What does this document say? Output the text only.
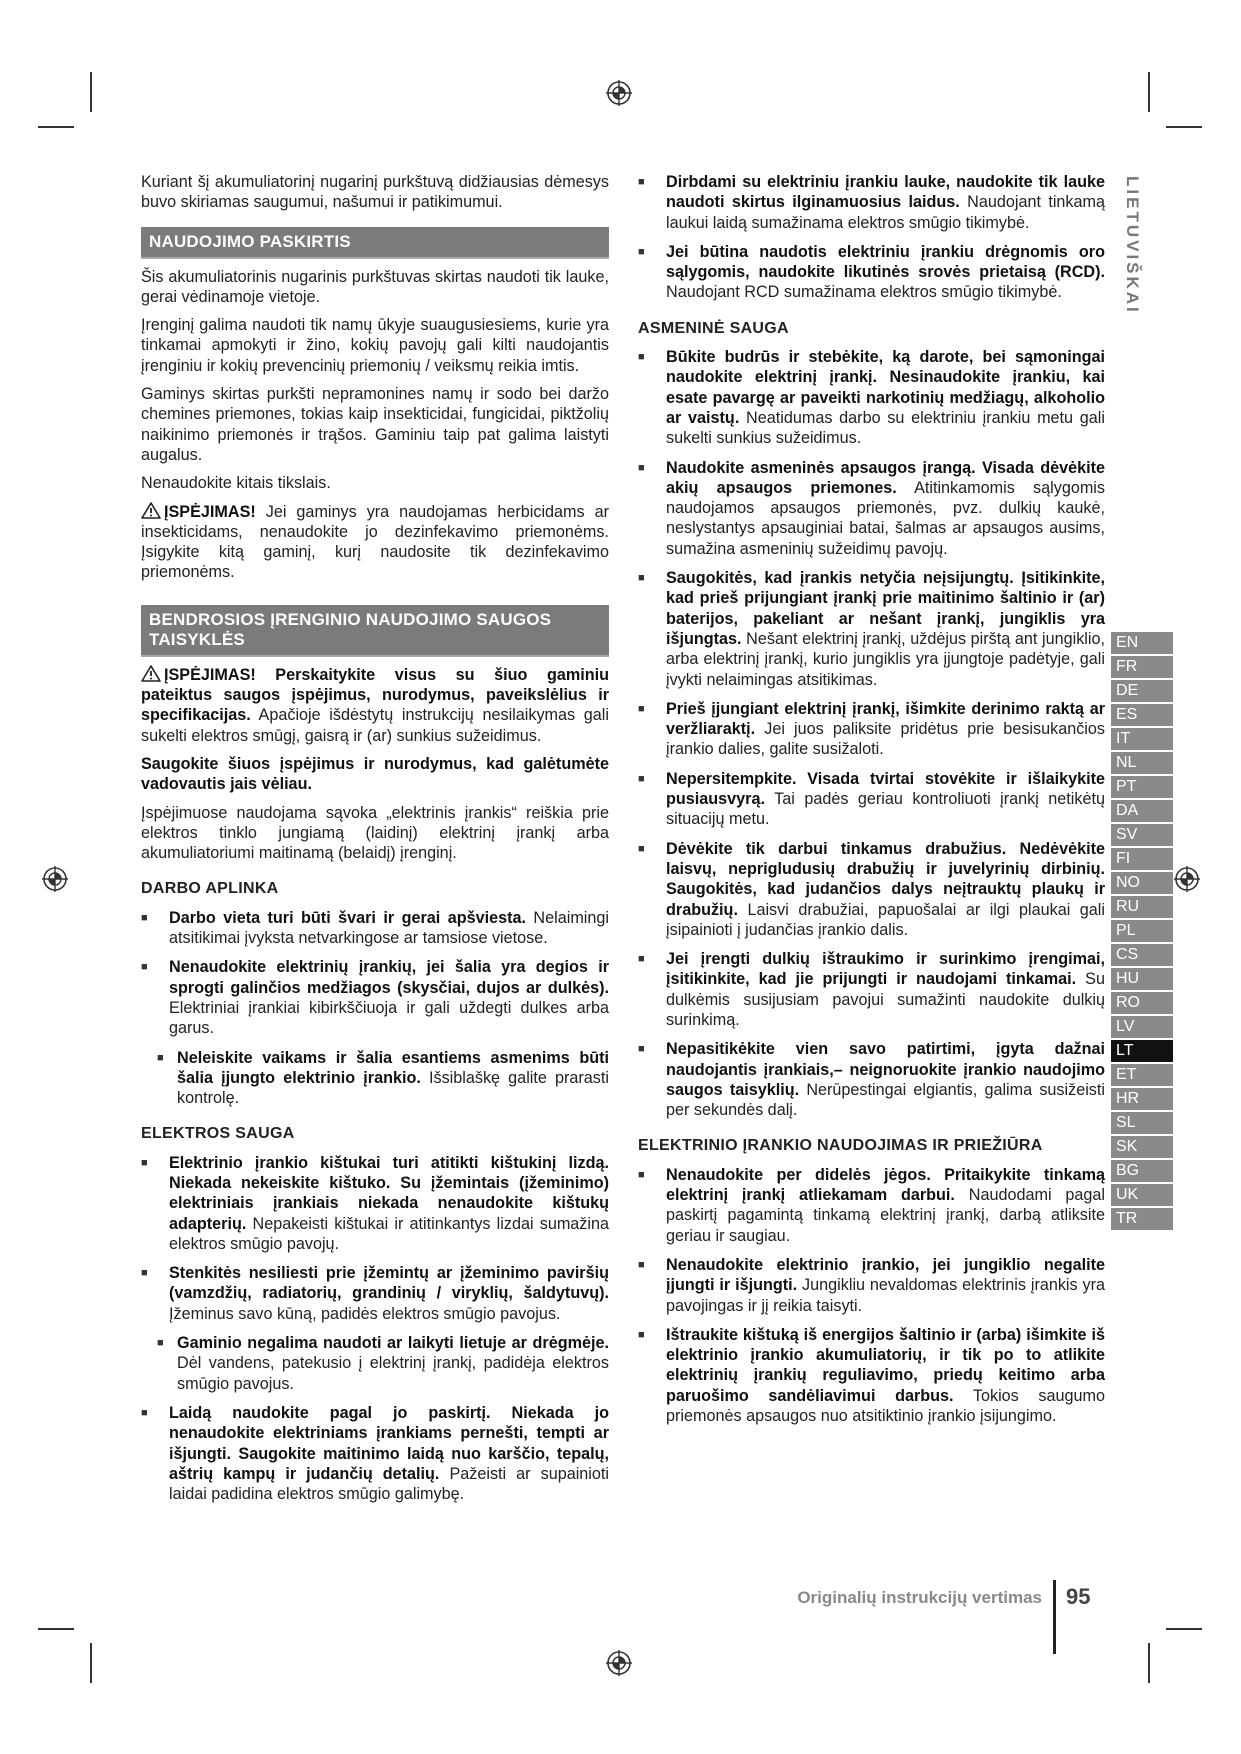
Kuriant šį akumuliatorinį nugarinį purkštuvą didžiausias dėmesys buvo skiriamas saugumui, našumui ir patikimumui.

NAUDOJIMO PASKIRTIS

Šis akumuliatorinis nugarinis purkštuvas skirtas naudoti tik lauke, gerai vėdinamoje vietoje.

Įrenginį galima naudoti tik namų ūkyje suaugusiesiems, kurie yra tinkamai apmokyti ir žino, kokių pavojų gali kilti naudojantis įrenginiu ir kokių prevencinių priemonių / veiksmų reikia imtis.

Gaminys skirtas purkšti nepramonines namų ir sodo bei daržo chemines priemones, tokias kaip insekticidai, fungicidai, piktžolių naikinimo priemonės ir trąšos. Gaminiu taip pat galima laistyti augalus.

Nenaudokite kitais tikslais.

ĮSPĖJIMAS! Jei gaminys yra naudojamas herbicidams ar insekticidams, nenaudokite jo dezinfekavimo priemonėms. Įsigykite kitą gaminį, kurį naudosite tik dezinfekavimo priemonėms.

BENDROSIOS ĮRENGINIO NAUDOJIMO SAUGOS TAISYKLĖS

ĮSPĖJIMAS! Perskaitykite visus su šiuo gaminiu pateiktus saugos įspėjimus, nurodymus, paveikslėlius ir specifikacijas. Apačioje išdėstytų instrukcijų nesilaikymas gali sukelti elektros smūgį, gaisrą ir (ar) sunkius sužeidimus.

Saugokite šiuos įspėjimus ir nurodymus, kad galėtumėte vadovautis jais vėliau.

Įspėjimuose naudojama sąvoka „elektrinis įrankis“ reiškia prie elektros tinklo jungiamą (laidinį) elektrinį įrankį arba akumuliatoriumi maitinamą (belaidį) įrenginį.

DARBO APLINKA
■ Darbo vieta turi būti švari ir gerai apšviesta. Nelaimingi atsitikimai įvyksta netvarkingose ar tamsiose vietose.
■ Nenaudokite elektrinių įrankių, jei šalia yra degios ir sprogti galinčios medžiagos (skysčiai, dujos ar dulkės). Elektriniai įrankiai kibirkščiuoja ir gali uždegti dulkes arba garus.
■ Neleiskite vaikams ir šalia esantiems asmenims būti šalia įjungto elektrinio įrankio. Išsiblaškę galite prarasti kontrolę.
ELEKTROS SAUGA
■ Elektrinio įrankio kištukai turi atitikti kištukinį lizdą. Niekada nekeiskite kištuko. Su įžemintais (įžeminimo) elektriniais įrankiais niekada nenaudokite kištukų adapterių. Nepakeisti kištukai ir atitinkantys lizdai sumažina elektros smūgio pavojų.
■ Stenkitės nesiliesti prie įžemintų ar įžeminimo paviršių (vamzdžių, radiatorių, grandinių / viryklių, šaldytuvų). Įžeminus savo kūną, padidės elektros smūgio pavojus.
■ Gaminio negalima naudoti ar laikyti lietuje ar drėgmėje. Dėl vandens, patekusio į elektrinį įrankį, padidėja elektros smūgio pavojus.
■ Laidą naudokite pagal jo paskirtį. Niekada jo nenaudokite elektriniams įrankiams pernešti, tempti ar išjungti. Saugokite maitinimo laidą nuo karščio, tepalų, aštrių kampų ir judančių detalių. Pažeisti ar supainioti laidai padidina elektros smūgio galimybę.
■ Dirbdami su elektriniu įrankiu lauke, naudokite tik lauke naudoti skirtus ilginamuosius laidus. Naudojant tinkamą laukui laidą sumažinama elektros smūgio tikimybė.
■ Jei būtina naudotis elektriniu įrankiu drėgnomis oro sąlygomis, naudokite likutinės srovės prietaisą (RCD). Naudojant RCD sumažinama elektros smūgio tikimybė.
ASMENINĖ SAUGA
■ Būkite budrūs ir stebėkite, ką darote, bei sąmoningai naudokite elektrinį įrankį. Nesinaudokite įrankiu, kai esate pavargę ar paveikti narkotinių medžiagų, alkoholio ar vaistų. Neatidumas darbo su elektriniu įrankiu metu gali sukelti sunkius sužeidimus.
■ Naudokite asmeninės apsaugos įrangą. Visada dėvėkite akių apsaugos priemones. Atitinkamomis sąlygomis naudojamos apsaugos priemonės, pvz. dulkių kaukė, neslystantys apsauginiai batai, šalmas ar apsaugos ausims, sumažina asmeninių sužeidimų pavojų.
■ Saugokitės, kad įrankis netyčia neįsijungtų. Įsitikinkite, kad prieš prijungiant įrankį prie maitinimo šaltinio ir (ar) baterijos, pakeliant ar nešant įrankį, jungiklis yra išjungtas. Nešant elektrinį įrankį, uždėjus pirštą ant jungiklio, arba elektrinį įrankį, kurio jungiklis yra įjungtoje padėtyje, gali įvykti nelaimingas atsitikimas.
■ Prieš įjungiant elektrinį įrankį, išimkite derinimo raktą ar veržliaraktį. Jei juos paliksite pridėtus prie besisukančios įrankio dalies, galite susižaloti.
■ Nepersitempkite. Visada tvirtai stovėkite ir išlaikykite pusiausvyrą. Tai padės geriau kontroliuoti įrankį netikėtų situacijų metu.
■ Dėvėkite tik darbui tinkamus drabužius. Nedėvėkite laisvų, neprigludusių drabužių ir juvelyrinių dirbinių. Saugokitės, kad judančios dalys neįtrauktų plaukų ir drabužių. Laisvi drabužiai, papuošalai ar ilgi plaukai gali įsipainioti į judančias įrankio dalis.
■ Jei įrengti dulkių ištraukimo ir surinkimo įrengimai, įsitikinkite, kad jie prijungti ir naudojami tinkamai. Su dulkėmis susijusiam pavojui sumažinti naudokite dulkių surinkimą.
■ Nepasitikėkite vien savo patirtimi, įgyta dažnai naudojantis įrankiais,– neignoruokite įrankio naudojimo saugos taisyklių. Nerūpestingai elgiantis, galima susižeisti per sekundės dalį.
ELEKTRINIO ĮRANKIO NAUDOJIMAS IR PRIEŽIŪRA
■ Nenaudokite per didelės jėgos. Pritaikykite tinkamą elektrinį įrankį atliekamam darbui. Naudodami pagal paskirtį pagamintą tinkamą elektrinį įrankį, darbą atliksite geriau ir saugiau.
■ Nenaudokite elektrinio įrankio, jei jungiklio negalite įjungti ir išjungti. Jungikliu nevaldomas elektrinis įrankis yra pavojingas ir jį reikia taisyti.
■ Ištraukite kištuką iš energijos šaltinio ir (arba) išimkite iš elektrinio įrankio akumuliatorių, ir tik po to atlikite elektrinių įrankių reguliavimo, priedų keitimo arba paruošimo sandėliavimui darbus. Tokios saugumo priemonės apsaugos nuo atsitiktinio įrankio įsijungimo.
LIETUVIŠKAI
EN
FR
DE
ES
IT
NL
PT
DA
SV
FI
NO
RU
PL
CS
HU
RO
LV
LT
ET
HR
SL
SK
BG
UK
TR
Originalių instrukcijų vertimas 95
